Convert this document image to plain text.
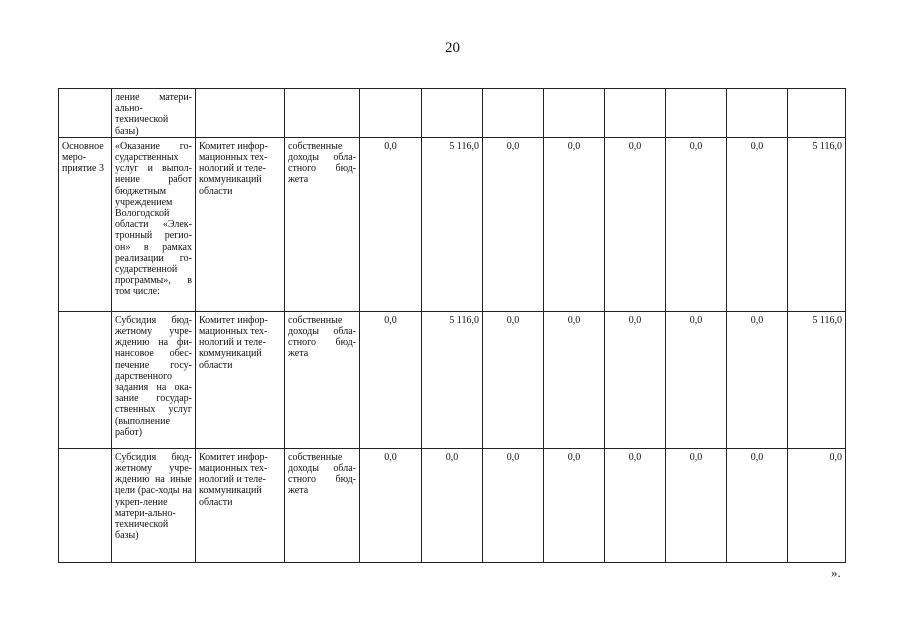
20
	ление матери-ально-технической базы)										
Основное меро-приятие 3	«Оказание го-сударственных услуг и выпол-нение работ бюджетным учреждением Вологодской области «Элек-тронный регио-он» в рамках реализации го-сударственной программы», в том числе:	Комитет инфор-мационных тех-нологий и теле-коммуникаций области	собственные доходы обла-стного бюд-жета	0,0	5 116,0	0,0	0,0	0,0	0,0	0,0	5 116,0
	Субсидия бюд-жетному учре-ждению на фи-нансовое обес-печение госу-дарственного задания на ока-зание государ-ственных услуг (выполнение работ)	Комитет инфор-мационных тех-нологий и теле-коммуникаций области	собственные доходы обла-стного бюд-жета	0,0	5 116,0	0,0	0,0	0,0	0,0	0,0	5 116,0
	Субсидия бюд-жетному учре-ждению на иные цели (рас-ходы на укреп-ление матери-ально-технической базы)	Комитет инфор-мационных тех-нологий и теле-коммуникаций области	собственные доходы обла-стного бюд-жета	0,0	0,0	0,0	0,0	0,0	0,0	0,0	0,0
».
